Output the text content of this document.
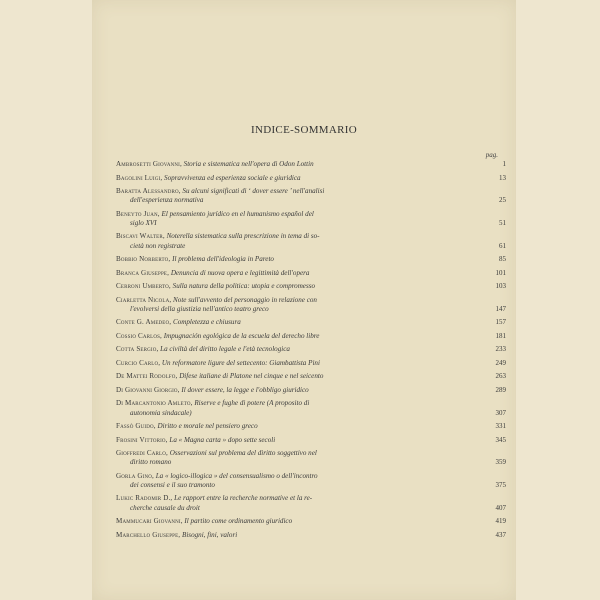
INDICE-SOMMARIO
pag.
Ambrosetti Giovanni, Storia e sistematica nell'opera di Odon Lottin	1
Bagolini Luigi, Sopravvivenza ed esperienza sociale e giuridica	13
Baratta Alessandro, Su alcuni significati di ‘ dover essere ’ nell'analisi
dell'esperienza normativa	25
Beneyto Juan, El pensamiento jurídico en el humanismo español del
siglo XVI	51
Biscavi Walter, Noterella sistematica sulla prescrizione in tema di so-
cietà non registrate	61
Bobbio Norberto, Il problema dell'ideologia in Pareto	85
Branca Giuseppe, Denuncia di nuova opera e legittimità dell'opera	101
Cerroni Umberto, Sulla natura della politica: utopia e compromesso	103
Ciarletta Nicola, Note sull'avvento del personaggio in relazione con
l'evolversi della giustizia nell'antico teatro greco	147
Conte G. Amedeo, Completezza e chiusura	157
Cossio Carlos, Impugnación egológica de la escuela del derecho libre	181
Cotta Sergio, La civiltà del diritto legale e l'età tecnologica	233
Curcio Carlo, Un reformatore ligure del settecento: Giambattista Pini	249
De Mattei Rodolfo, Difese italiane di Platone nel cinque e nel seicento	263
Di Giovanni Giorgio, Il dover essere, la legge e l'obbligo giuridico	289
Di Marcantonio Amleto, Riserve e fughe di potere (A proposito di
autonomia sindacale)	307
Fassò Guido, Diritto e morale nel pensiero greco	331
Frosini Vittorio, La « Magna carta » dopo sette secoli	345
Gioffredi Carlo, Osservazioni sul problema del diritto soggettivo nel
diritto romano	359
Gorla Gino, La « logico-illogica » del consensualismo o dell'incontro
dei consensi e il suo tramonto	375
Lukic Radomir D., Le rapport entre la recherche normative et la re-
cherche causale du droit	407
Mammucari Giovanni, Il partito come ordinamento giuridico	419
Marchello Giuseppe, Bisogni, fini, valori	437
